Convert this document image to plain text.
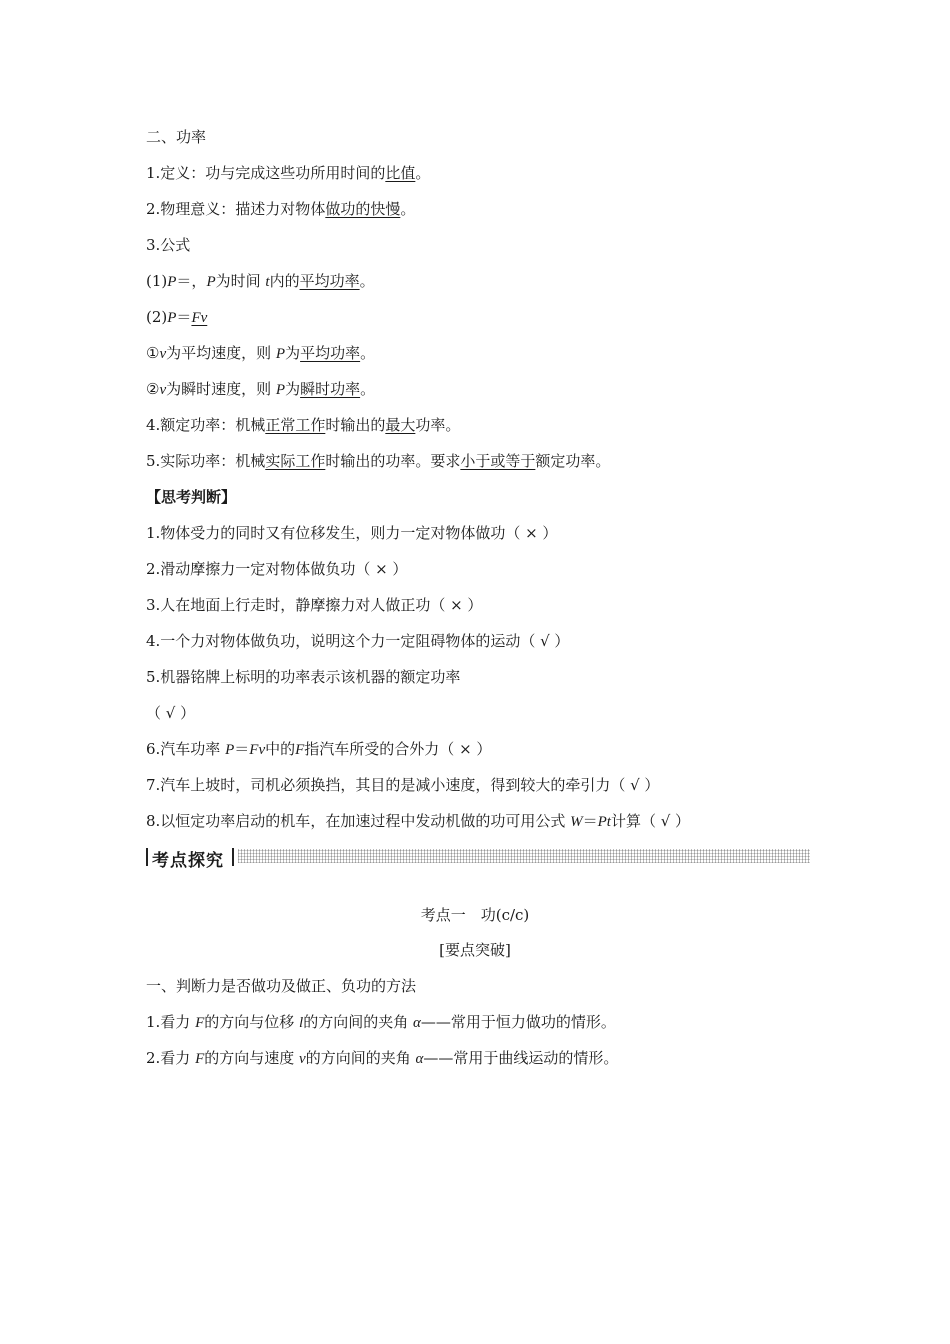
二、功率
1.定义：功与完成这些功所用时间的比值。
2.物理意义：描述力对物体做功的快慢。
3.公式
(1)P＝，P为时间 t内的平均功率。
(2)P＝Fv
①v为平均速度，则 P为平均功率。
②v为瞬时速度，则 P为瞬时功率。
4.额定功率：机械正常工作时输出的最大功率。
5.实际功率：机械实际工作时输出的功率。要求小于或等于额定功率。
【思考判断】
1.物体受力的同时又有位移发生，则力一定对物体做功（ × ）
2.滑动摩擦力一定对物体做负功（ × ）
3.人在地面上行走时，静摩擦力对人做正功（ × ）
4.一个力对物体做负功，说明这个力一定阻碍物体的运动（ √ ）
5.机器铭牌上标明的功率表示该机器的额定功率
（ √ ）
6.汽车功率 P＝Fv中的F指汽车所受的合外力（ × ）
7.汽车上坡时，司机必须换挡，其目的是减小速度，得到较大的牵引力（ √ ）
8.以恒定功率启动的机车，在加速过程中发动机做的功可用公式 W＝Pt计算（ √ ）
考点探究
考点一　功(c/c)
[要点突破]
一、判断力是否做功及做正、负功的方法
1.看力 F的方向与位移 l的方向间的夹角 α——常用于恒力做功的情形。
2.看力 F的方向与速度 v的方向间的夹角 α——常用于曲线运动的情形。
